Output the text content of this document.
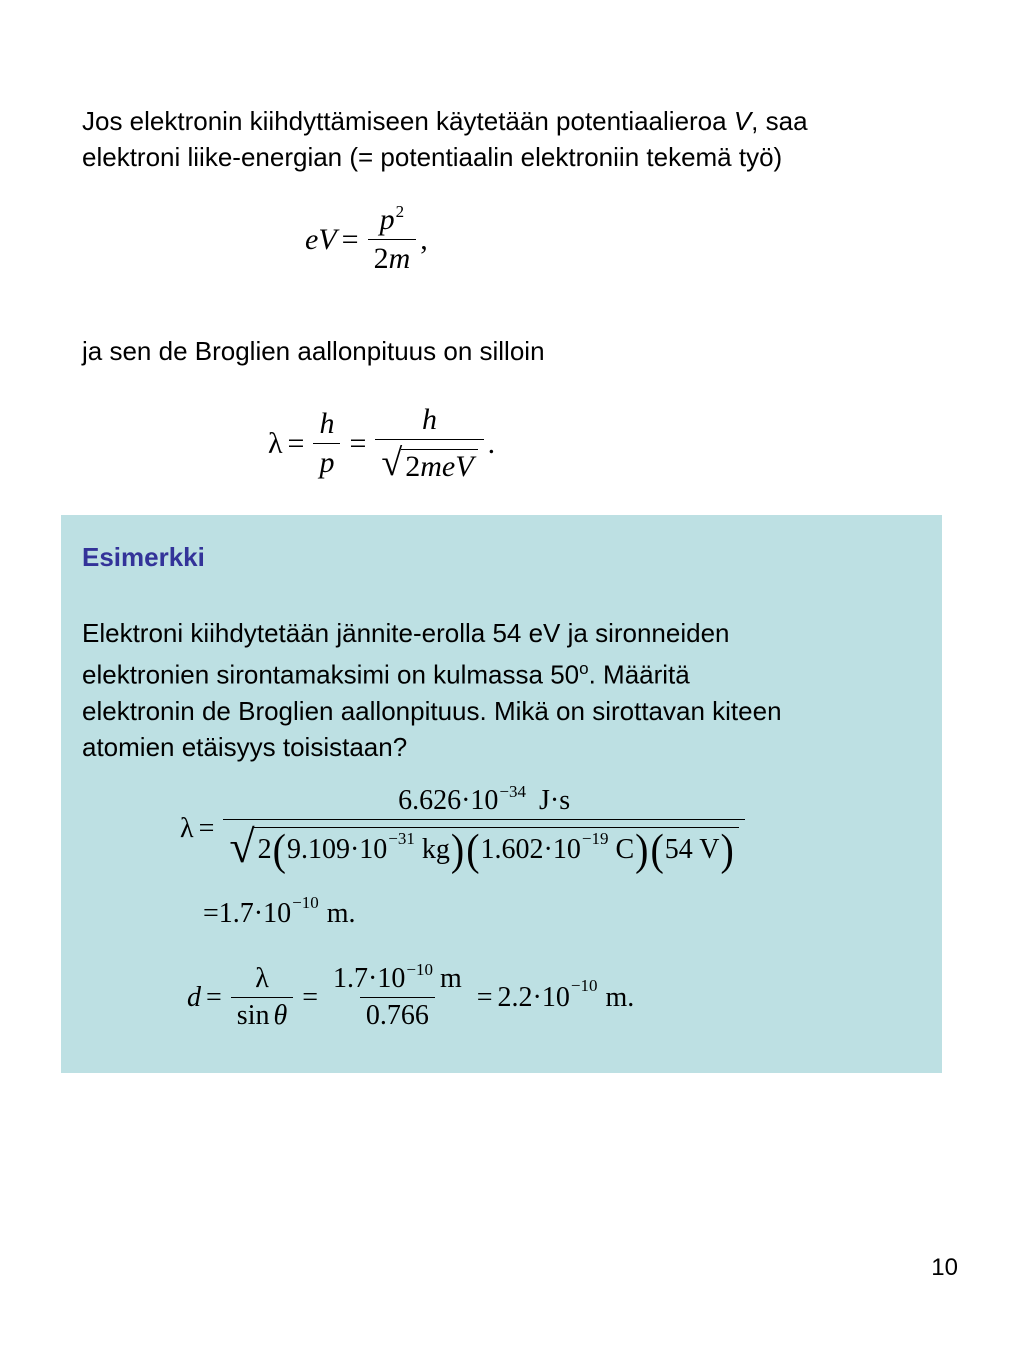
Jos elektronin kiihdyttämiseen käytetään potentiaalieroa V, saa
elektroni liike-energian (= potentiaalin elektroniin tekemä työ)

e $V = \frac{p^2}{2m}$ ,

ja sen de Broglien aallonpituus on silloin

$\lambda = \frac{h}{p} = \frac{h}{\text{√ 2meV}}$ .

Esimerkki

Elektroni kiihdytetään jännite-erolla 54 eV ja sironneiden
elektronien sirontamaksimi on kulmassa 50$^o$. Määritä
elektronin de Broglien aallonpituus. Mikä on sirottavan kiteen
atomien etäisyys toisistaan?

λ =
$6.626\cdot 10^{-34}$ J·s
√ 2 ( 9.109·10 −31
kg ) ( 1.602·10 −19
C ) ( 54 V )
= 1.7·10 −10 m.
$d = \frac{\lambda}{\text{sin θ}} = \frac{1.7\cdot 10^{-10} m}{0.766} = 2.2\cdot 10 -10$ m.
10
